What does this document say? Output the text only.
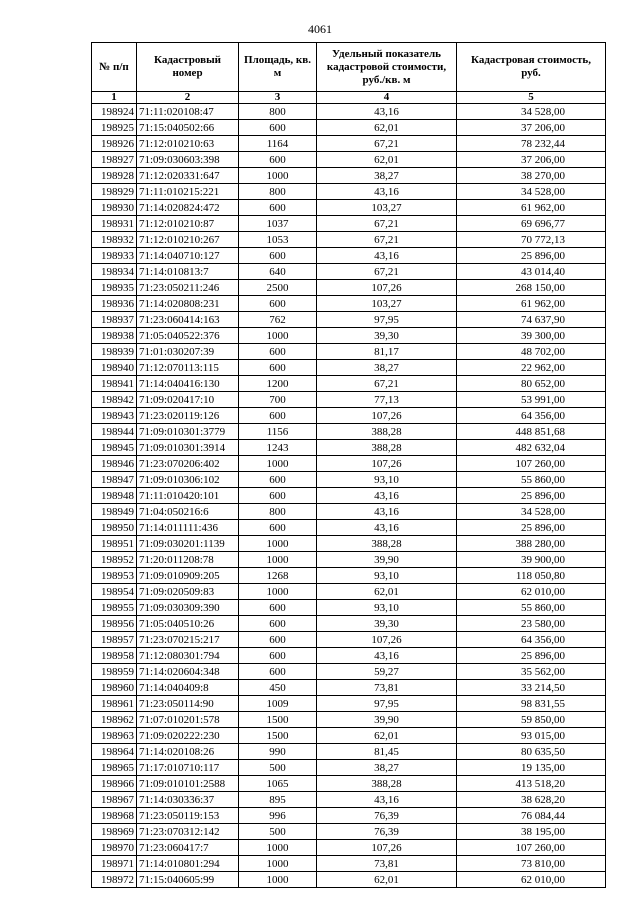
4061
№ п/п	Кадастровый номер	Площадь, кв. м	Удельный показатель кадастровой стоимости, руб./кв. м	Кадастровая стоимость, руб.
1	2	3	4	5
198924	71:11:020108:47	800	43,16	34 528,00
198925	71:15:040502:66	600	62,01	37 206,00
198926	71:12:010210:63	1164	67,21	78 232,44
198927	71:09:030603:398	600	62,01	37 206,00
198928	71:12:020331:647	1000	38,27	38 270,00
198929	71:11:010215:221	800	43,16	34 528,00
198930	71:14:020824:472	600	103,27	61 962,00
198931	71:12:010210:87	1037	67,21	69 696,77
198932	71:12:010210:267	1053	67,21	70 772,13
198933	71:14:040710:127	600	43,16	25 896,00
198934	71:14:010813:7	640	67,21	43 014,40
198935	71:23:050211:246	2500	107,26	268 150,00
198936	71:14:020808:231	600	103,27	61 962,00
198937	71:23:060414:163	762	97,95	74 637,90
198938	71:05:040522:376	1000	39,30	39 300,00
198939	71:01:030207:39	600	81,17	48 702,00
198940	71:12:070113:115	600	38,27	22 962,00
198941	71:14:040416:130	1200	67,21	80 652,00
198942	71:09:020417:10	700	77,13	53 991,00
198943	71:23:020119:126	600	107,26	64 356,00
198944	71:09:010301:3779	1156	388,28	448 851,68
198945	71:09:010301:3914	1243	388,28	482 632,04
198946	71:23:070206:402	1000	107,26	107 260,00
198947	71:09:010306:102	600	93,10	55 860,00
198948	71:11:010420:101	600	43,16	25 896,00
198949	71:04:050216:6	800	43,16	34 528,00
198950	71:14:011111:436	600	43,16	25 896,00
198951	71:09:030201:1139	1000	388,28	388 280,00
198952	71:20:011208:78	1000	39,90	39 900,00
198953	71:09:010909:205	1268	93,10	118 050,80
198954	71:09:020509:83	1000	62,01	62 010,00
198955	71:09:030309:390	600	93,10	55 860,00
198956	71:05:040510:26	600	39,30	23 580,00
198957	71:23:070215:217	600	107,26	64 356,00
198958	71:12:080301:794	600	43,16	25 896,00
198959	71:14:020604:348	600	59,27	35 562,00
198960	71:14:040409:8	450	73,81	33 214,50
198961	71:23:050114:90	1009	97,95	98 831,55
198962	71:07:010201:578	1500	39,90	59 850,00
198963	71:09:020222:230	1500	62,01	93 015,00
198964	71:14:020108:26	990	81,45	80 635,50
198965	71:17:010710:117	500	38,27	19 135,00
198966	71:09:010101:2588	1065	388,28	413 518,20
198967	71:14:030336:37	895	43,16	38 628,20
198968	71:23:050119:153	996	76,39	76 084,44
198969	71:23:070312:142	500	76,39	38 195,00
198970	71:23:060417:7	1000	107,26	107 260,00
198971	71:14:010801:294	1000	73,81	73 810,00
198972	71:15:040605:99	1000	62,01	62 010,00
